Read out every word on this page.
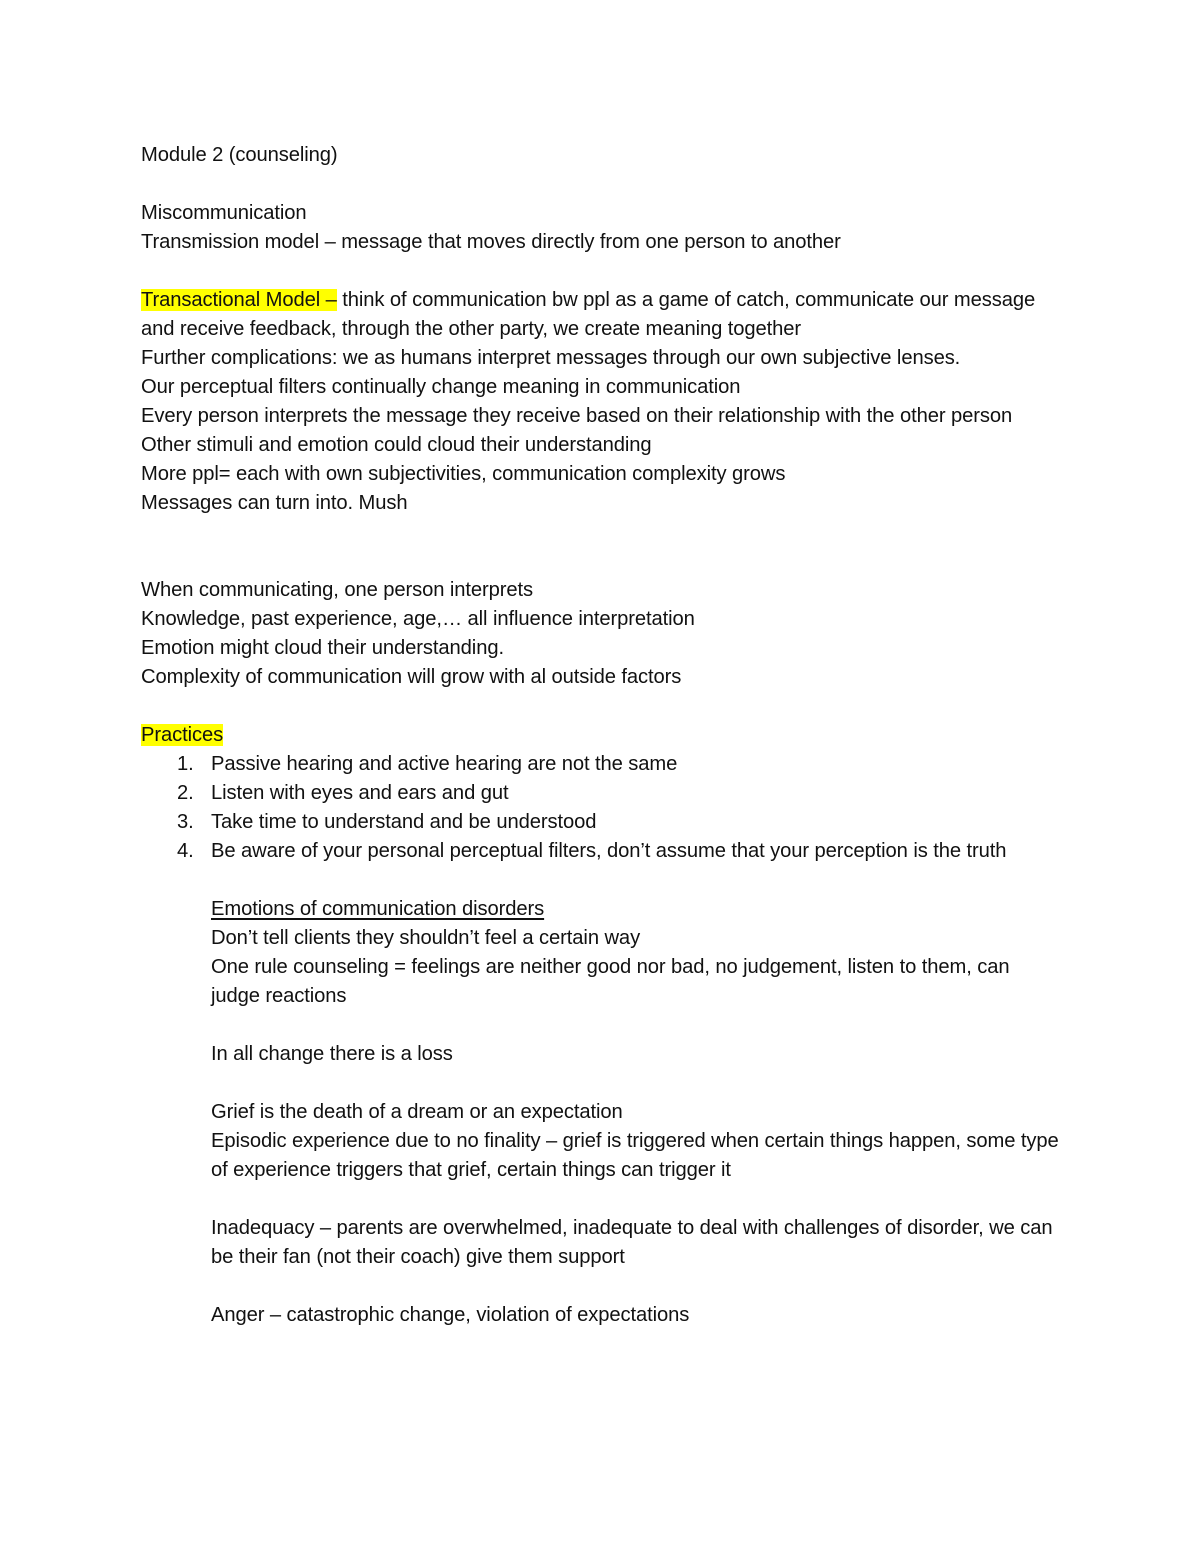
Module 2 (counseling)
Miscommunication
Transmission model – message that moves directly from one person to another
Transactional Model – think of communication bw ppl as a game of catch, communicate our message and receive feedback, through the other party, we create meaning together
Further complications: we as humans interpret messages through our own subjective lenses.
Our perceptual filters continually change meaning in communication
Every person interprets the message they receive based on their relationship with the other person
Other stimuli and emotion could cloud their understanding
More ppl= each with own subjectivities, communication complexity grows
Messages can turn into. Mush
When communicating, one person interprets
Knowledge, past experience, age,… all influence interpretation
Emotion might cloud their understanding.
Complexity of communication will grow with al outside factors
Practices
1. Passive hearing and active hearing are not the same
2. Listen with eyes and ears and gut
3. Take time to understand and be understood
4. Be aware of your personal perceptual filters, don’t assume that your perception is the truth
Emotions of communication disorders
Don’t tell clients they shouldn’t feel a certain way
One rule counseling = feelings are neither good nor bad, no judgement, listen to them, can judge reactions
In all change there is a loss
Grief is the death of a dream or an expectation
Episodic experience due to no finality – grief is triggered when certain things happen, some type of experience triggers that grief, certain things can trigger it
Inadequacy – parents are overwhelmed, inadequate to deal with challenges of disorder, we can be their fan (not their coach) give them support
Anger – catastrophic change, violation of expectations
